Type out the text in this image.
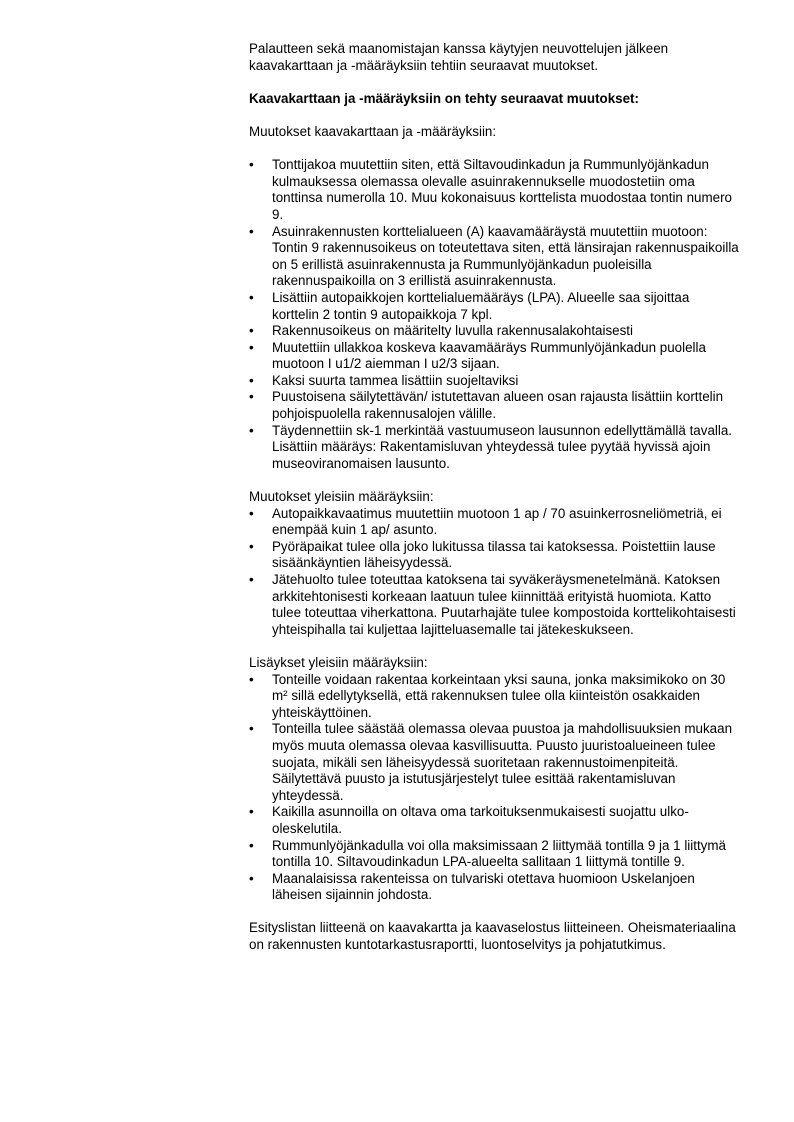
Palautteen sekä maanomistajan kanssa käytyjen neuvottelujen jälkeen kaavakarttaan ja -määräyksiin tehtiin seuraavat muutokset.

Kaavakarttaan ja -määräyksiin on tehty seuraavat muutokset:

Muutokset kaavakarttaan ja -määräyksiin:

•	Tonttijakoa muutettiin siten, että Siltavoudinkadun ja Rummunlyöjänkadun kulmauksessa olemassa olevalle asuinrakennukselle muodostetiin oma tonttinsa numerolla 10. Muu kokonaisuus korttelista muodostaa tontin numero 9.
•	Asuinrakennusten korttelialueen (A) kaavamääräystä muutettiin muotoon: Tontin 9 rakennusoikeus on toteutettava siten, että länsirajan rakennuspaikoilla on 5 erillistä asuinrakennusta ja Rummunlyöjänkadun puoleisilla rakennuspaikoilla on 3 erillistä asuinrakennusta.
•	Lisättiin autopaikkojen korttelialuemääräys (LPA). Alueelle saa sijoittaa korttelin 2 tontin 9 autopaikkoja 7 kpl.
•	Rakennusoikeus on määritelty luvulla rakennusalakohtaisesti
•	Muutettiin ullakkoa koskeva kaavamääräys Rummunlyöjänkadun puolella muotoon I u1/2 aiemman I u2/3 sijaan.
•	Kaksi suurta tammea lisättiin suojeltaviksi
•	Puustoisena säilytettävän/ istutettavan alueen osan rajausta lisättiin korttelin pohjoispuolella rakennusalojen välille.
•	Täydennettiin sk-1 merkintää vastuumuseon lausunnon edellyttämällä tavalla. Lisättiin määräys: Rakentamisluvan yhteydessä tulee pyytää hyvissä ajoin museoviranomaisen lausunto.

Muutokset yleisiin määräyksiin:

•	Autopaikkavaatimus muutettiin muotoon 1 ap / 70 asuinkerrosneliömetriä, ei enempää kuin 1 ap/ asunto.
•	Pyöräpaikat tulee olla joko lukitussa tilassa tai katoksessa. Poistettiin lause sisäänkäyntien läheisyydessä.
•	Jätehuolto tulee toteuttaa katoksena tai syväkeräysmenetelmänä. Katoksen arkkitehtonisesti korkeaan laatuun tulee kiinnittää erityistä huomiota. Katto tulee toteuttaa viherkattona. Puutarhajäte tulee kompostoida korttelikohtaisesti yhteispihalla tai kuljettaa lajitteluasemalle tai jätekeskukseen.

Lisäykset yleisiin määräyksiin:

•	Tonteille voidaan rakentaa korkeintaan yksi sauna, jonka maksimikoko on 30 m² sillä edellytyksellä, että rakennuksen tulee olla kiinteistön osakkaiden yhteiskäyttöinen.
•	Tonteilla tulee säästää olemassa olevaa puustoa ja mahdollisuuksien mukaan myös muuta olemassa olevaa kasvillisuutta. Puusto juuristoalueineen tulee suojata, mikäli sen läheisyydessä suoritetaan rakennustoimenpiteitä. Säilytettävä puusto ja istutusjärjestelyt tulee esittää rakentamisluvan yhteydessä.
•	Kaikilla asunnoilla on oltava oma tarkoituksenmukaisesti suojattu ulko-oleskelutila.
•	Rummunlyöjänkadulla voi olla maksimissaan 2 liittymää tontilla 9 ja 1 liittymä tontilla 10. Siltavoudinkadun LPA-alueelta sallitaan 1 liittymä tontille 9.
•	Maanalaisissa rakenteissa on tulvariski otettava huomioon Uskelanjoen läheisen sijainnin johdosta.

Esityslistan liitteenä on kaavakartta ja kaavaselostus liitteineen. Oheismateriaalina on rakennusten kuntotarkastusraportti, luontoselvitys ja pohjatutkimus.
